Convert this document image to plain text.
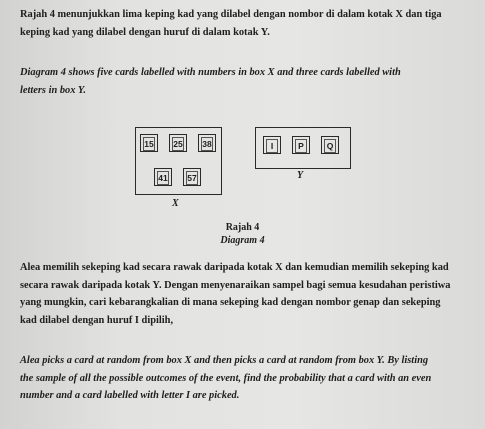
Rajah 4 menunjukkan lima keping kad yang dilabel dengan nombor di dalam kotak X dan tiga
keping kad yang dilabel dengan huruf di dalam kotak Y.
Diagram 4 shows five cards labelled with numbers in box X and three cards labelled with
letters in box Y.
15 25 38
41 57
X
I	P	Q
Y
Rajah 4
Diagram 4
Alea memilih sekeping kad secara rawak daripada kotak X dan kemudian memilih sekeping kad
secara rawak daripada kotak Y. Dengan menyenaraikan sampel bagi semua kesudahan peristiwa
yang mungkin, cari kebarangkalian di mana sekeping kad dengan nombor genap dan sekeping
kad dilabel dengan huruf I dipilih,
Alea picks a card at random from box X and then picks a card at random from box Y. By listing
the sample of all the possible outcomes of the event, find the probability that a card with an even
number and a card labelled with letter I are picked.
